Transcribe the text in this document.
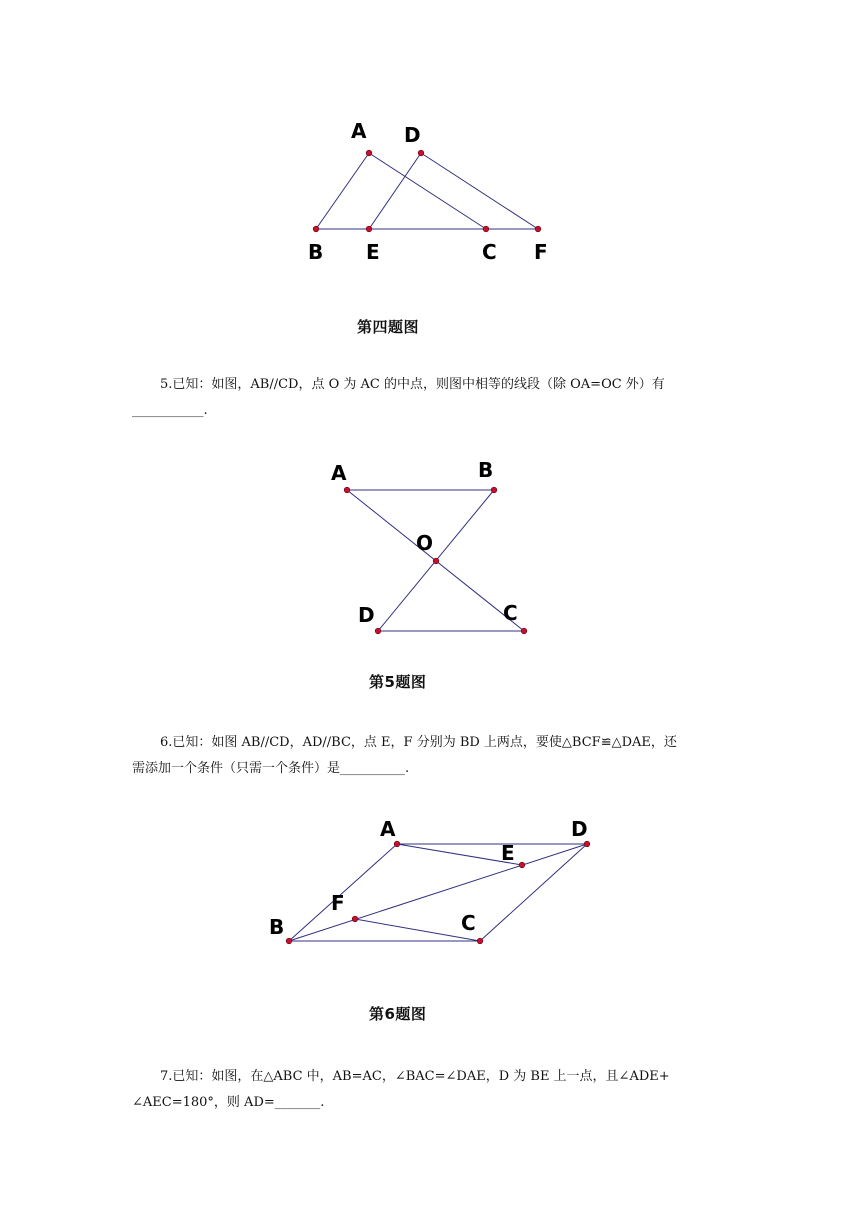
A D
B E	C F
第四题图

5.已知：如图，AB//CD，点 O 为 AC 的中点，则图中相等的线段（除 OA=OC 外）有

___________.

A	B
O
D	C
第5题图

6.已知：如图 AB//CD，AD//BC，点 E，F 分别为 BD 上两点，要使△BCF≌△DAE，还

需添加一个条件（只需一个条件）是__________.

A	D
E
F
B	C
第6题图

7.已知：如图，在△ABC 中，AB=AC，∠BAC=∠DAE，D 为 BE 上一点，且∠ADE+

∠AEC=180°，则 AD=_______.
